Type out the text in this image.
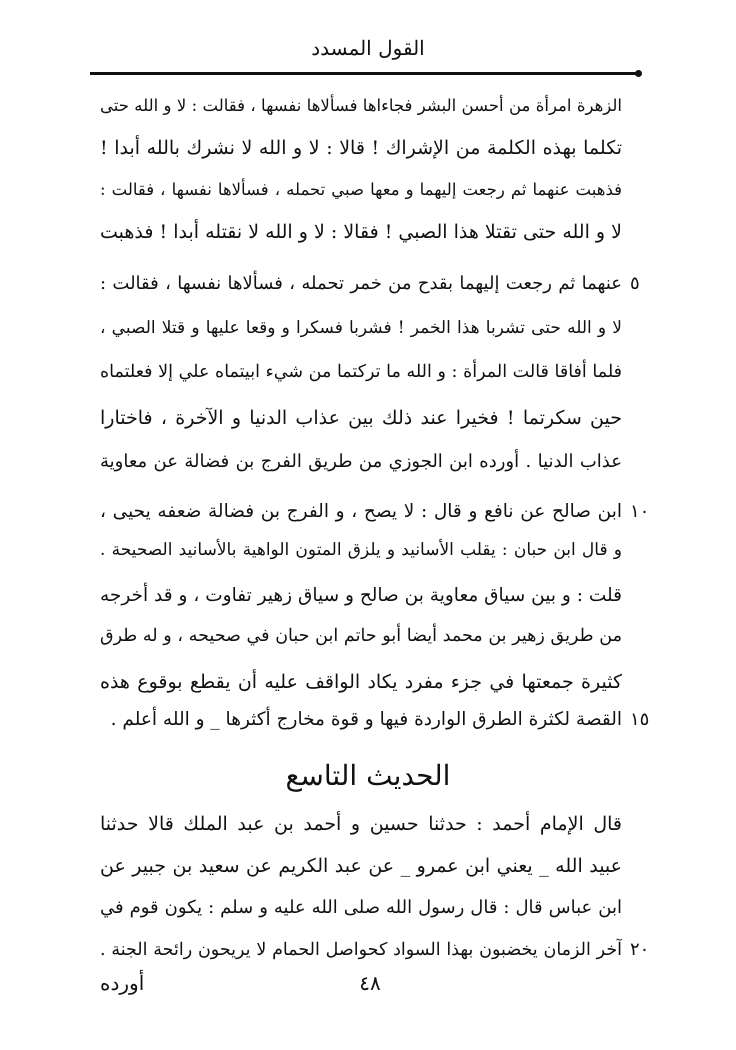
القول المسدد
الزهرة امرأة من أحسن البشر فجاءاها فسألاها نفسها ، فقالت : لا و الله حتى
تكلما بهذه الكلمة من الإشراك ! قالا : لا و الله لا نشرك بالله أبدا !
فذهبت عنهما ثم رجعت إليهما و معها صبي تحمله ، فسألاها نفسها ، فقالت :
لا و الله حتى تقتلا هذا الصبي ! فقالا : لا و الله لا نقتله أبدا ! فذهبت
عنهما ثم رجعت إليهما بقدح من خمر تحمله ، فسألاها نفسها ، فقالت : ٥
لا و الله حتى تشربا هذا الخمر ! فشربا فسكرا و وقعا عليها و قتلا الصبي ،
فلما أفاقا قالت المرأة : و الله ما تركتما من شيء ابيتماه علي إلا فعلتماه
حين سكرتما ! فخيرا عند ذلك بين عذاب الدنيا و الآخرة ، فاختارا
عذاب الدنيا . أورده ابن الجوزي من طريق الفرج بن فضالة عن معاوية
ابن صالح عن نافع و قال : لا يصح ، و الفرج بن فضالة ضعفه يحيى ، ١٠
و قال ابن حبان : يقلب الأسانيد و يلزق المتون الواهية بالأسانيد الصحيحة .
قلت : و بين سياق معاوية بن صالح و سياق زهير تفاوت ، و قد أخرجه
من طريق زهير بن محمد أيضا أبو حاتم ابن حبان في صحيحه ، و له طرق
كثيرة جمعتها في جزء مفرد يكاد الواقف عليه أن يقطع بوقوع هذه
القصة لكثرة الطرق الواردة فيها و قوة مخارج أكثرها _ و الله أعلم . ١٥
الحديث التاسع
قال الإمام أحمد : حدثنا حسين و أحمد بن عبد الملك قالا حدثنا
عبيد الله _ يعني ابن عمرو _ عن عبد الكريم عن سعيد بن جبير عن
ابن عباس قال : قال رسول الله صلى الله عليه و سلم : يكون قوم في
آخر الزمان يخضبون بهذا السواد كحواصل الحمام لا يريحون رائحة الجنة . ٢٠
٤٨
أورده
